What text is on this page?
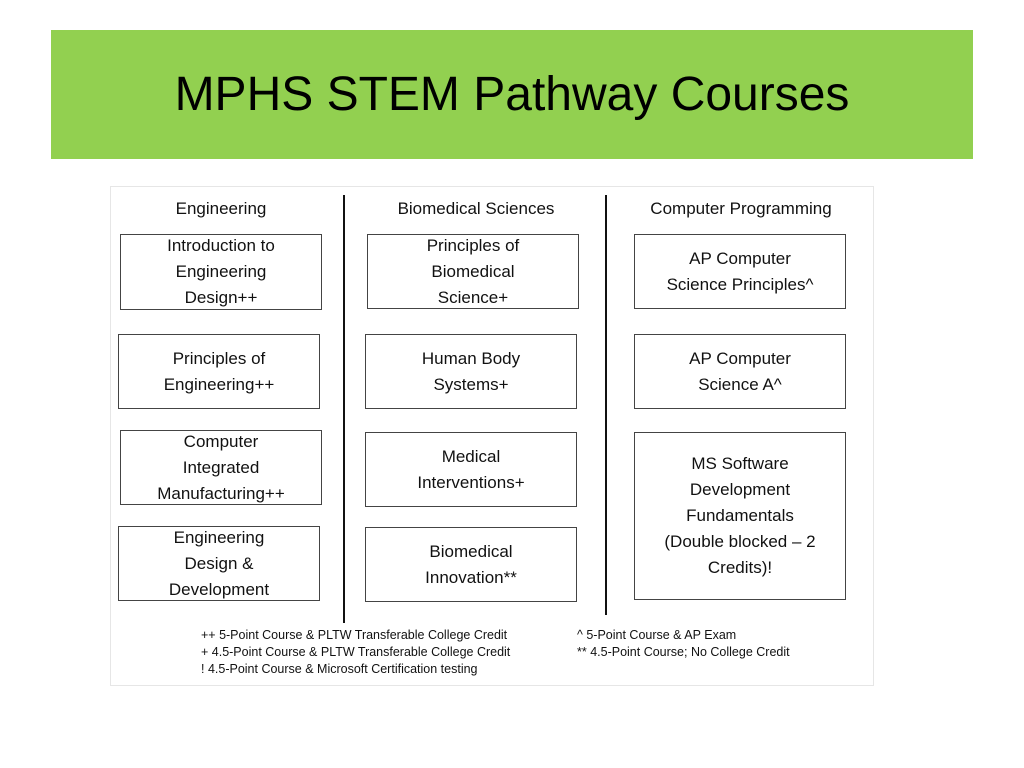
MPHS STEM Pathway Courses
Engineering
Introduction to
Engineering
Design++
Principles of
Engineering++
Computer
Integrated
Manufacturing++
Engineering
Design &
Development
Biomedical Sciences
Principles of
Biomedical
Science+
Human Body
Systems+
Medical
Interventions+
Biomedical
Innovation**
Computer Programming
AP Computer
Science Principles^
AP Computer
Science A^
MS Software
Development
Fundamentals
(Double blocked – 2
Credits)!
++ 5-Point Course & PLTW Transferable College Credit
+ 4.5-Point Course & PLTW Transferable College Credit
! 4.5-Point Course & Microsoft Certification testing
^ 5-Point Course & AP Exam
** 4.5-Point Course; No College Credit
